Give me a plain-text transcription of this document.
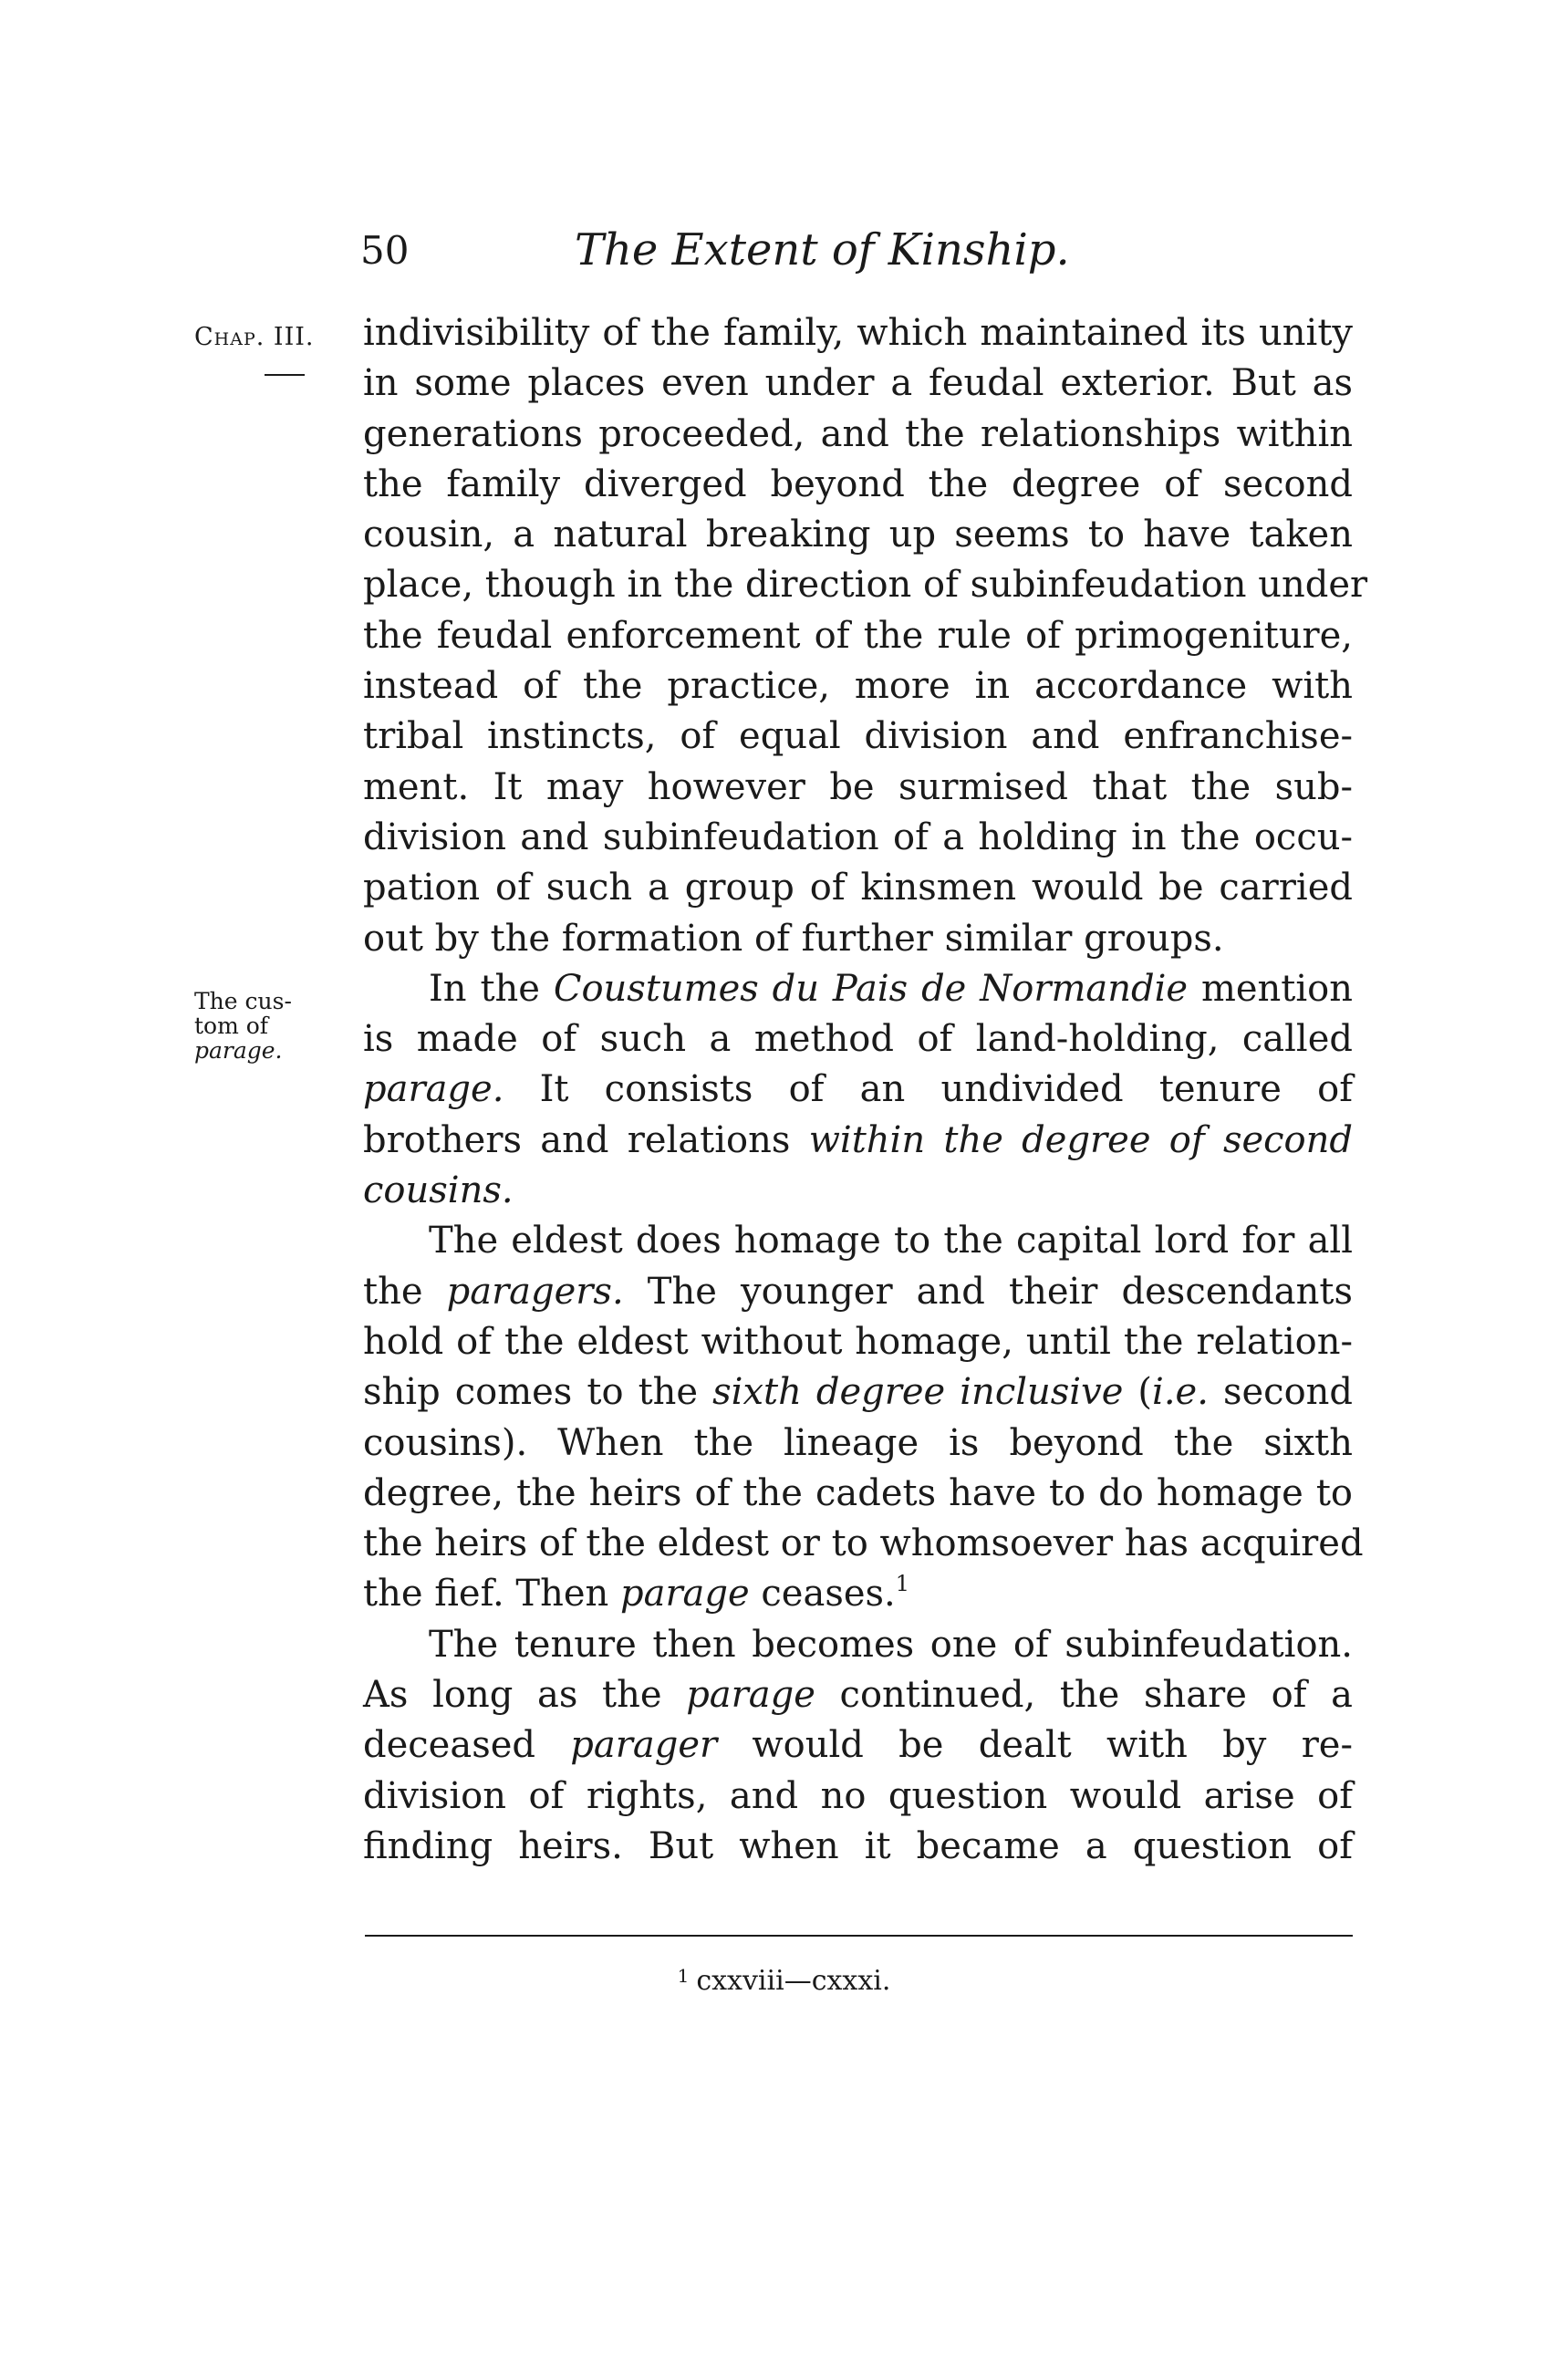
50	The Extent of Kinship.
Chap. III.
The cus-
tom of
parage.
indivisibility of the family, which maintained its unity
in some places even under a feudal exterior. But as
generations proceeded, and the relationships within
the family diverged beyond the degree of second
cousin, a natural breaking up seems to have taken
place, though in the direction of subinfeudation under
the feudal enforcement of the rule of primogeniture,
instead of the practice, more in accordance with
tribal instincts, of equal division and enfranchise-
ment. It may however be surmised that the sub-
division and subinfeudation of a holding in the occu-
pation of such a group of kinsmen would be carried
out by the formation of further similar groups.
In the Coustumes du Pais de Normandie mention
is made of such a method of land-holding, called
parage. It consists of an undivided tenure of
brothers and relations within the degree of second
cousins.
The eldest does homage to the capital lord for all
the paragers. The younger and their descendants
hold of the eldest without homage, until the relation-
ship comes to the sixth degree inclusive (i.e. second
cousins). When the lineage is beyond the sixth
degree, the heirs of the cadets have to do homage to
the heirs of the eldest or to whomsoever has acquired
the fief. Then parage ceases.$^1$
The tenure then becomes one of subinfeudation.
As long as the parage continued, the share of a
deceased parager would be dealt with by re-
division of rights, and no question would arise of
finding heirs. But when it became a question of
$^1$ cxxviii—cxxxi.
